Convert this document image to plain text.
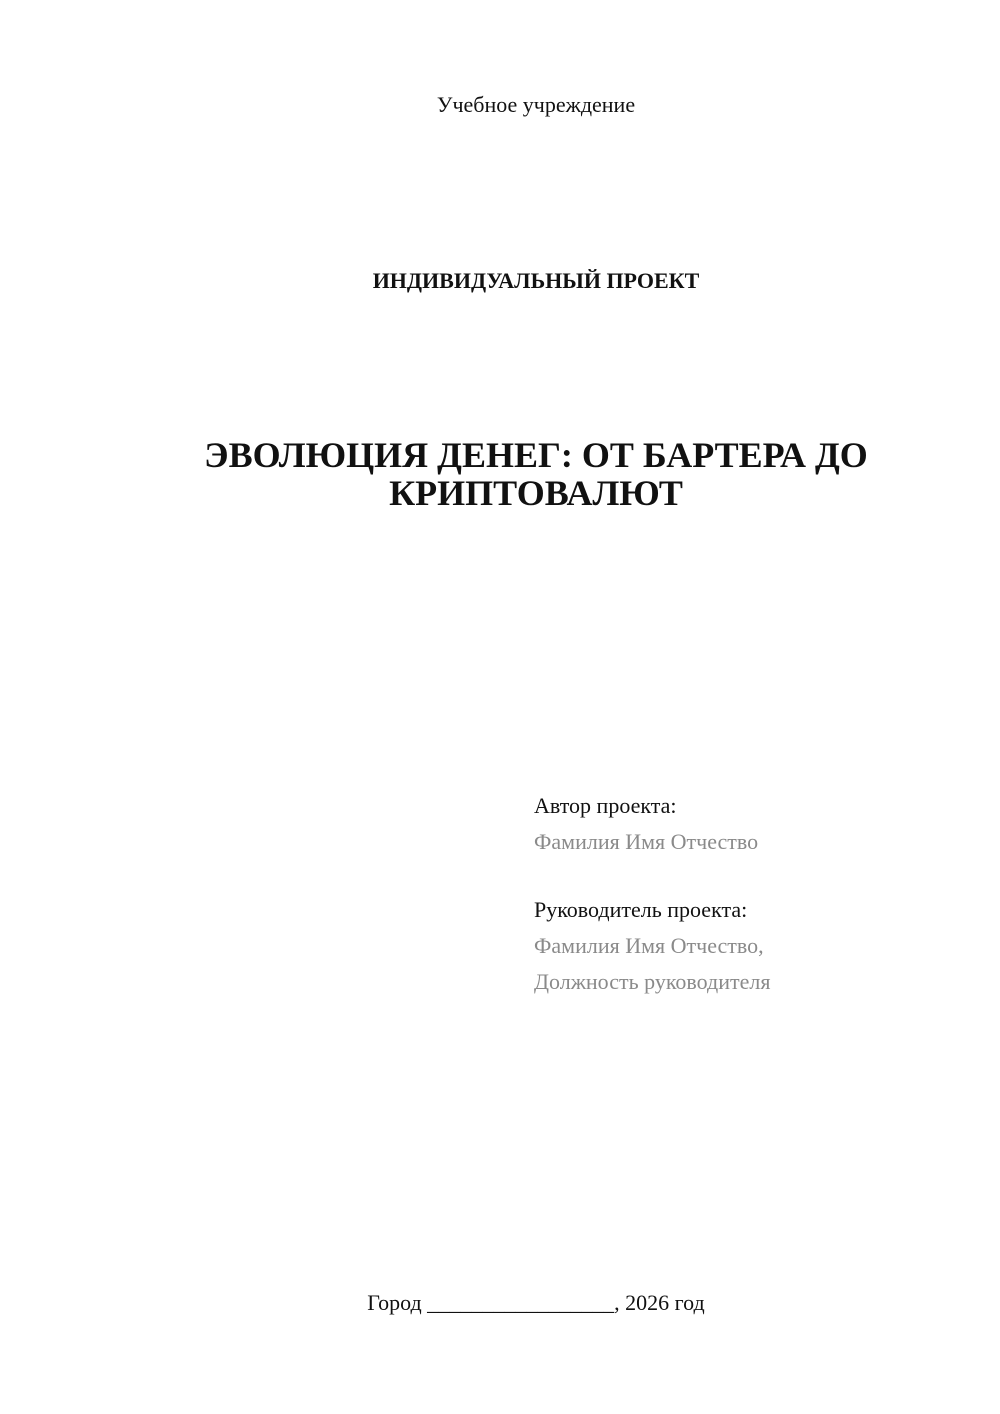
Учебное учреждение
ИНДИВИДУАЛЬНЫЙ ПРОЕКТ
ЭВОЛЮЦИЯ ДЕНЕГ: ОТ БАРТЕРА ДО
КРИПТОВАЛЮТ
Автор проекта:
Фамилия Имя Отчество
Руководитель проекта:
Фамилия Имя Отчество,
Должность руководителя
Город _________________, 2026 год
